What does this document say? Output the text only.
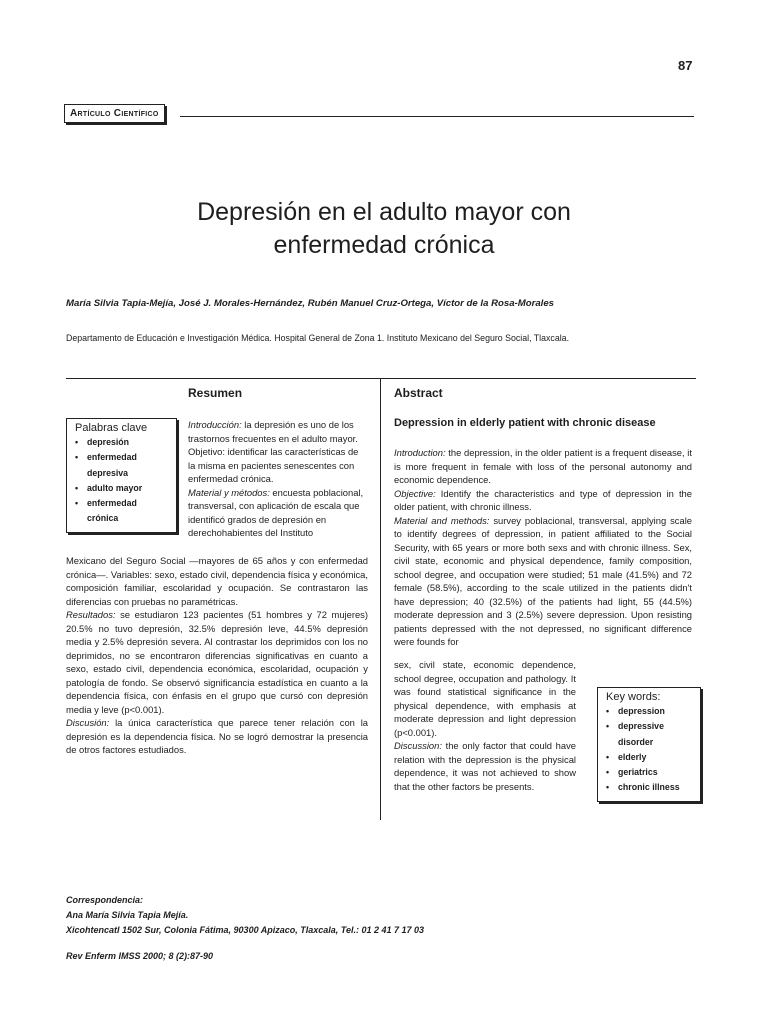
87
Artículo Científico
Depresión en el adulto mayor con
enfermedad crónica
María Silvia Tapia-Mejía, José J. Morales-Hernández, Rubén Manuel Cruz-Ortega, Víctor de la Rosa-Morales
Departamento de Educación e Investigación Médica. Hospital General de Zona 1. Instituto Mexicano del Seguro Social, Tlaxcala.
Resumen
Palabras clave
• depresión
• enfermedad depresiva
• adulto mayor
• enfermedad crónica

Introducción: la depresión es uno de los trastornos frecuentes en el adulto mayor.

Objetivo: identificar las características de la misma en pacientes senescentes con enfermedad crónica.

Material y métodos: encuesta poblacional, transversal, con aplicación de escala que identificó grados de depresión en derechohabientes del Instituto

Mexicano del Seguro Social —mayores de 65 años y con enfermedad crónica—. Variables: sexo, estado civil, dependencia física y económica, composición familiar, escolaridad y ocupación. Se contrastaron las diferencias con pruebas no paramétricas.

Resultados: se estudiaron 123 pacientes (51 hombres y 72 mujeres) 20.5% no tuvo depresión, 32.5% depresión leve, 44.5% depresión media y 2.5% depresión severa. Al contrastar los deprimidos con los no deprimidos, no se encontraron diferencias significativas en cuanto a sexo, estado civil, dependencia económica, escolaridad, ocupación y patología de fondo. Se observó significancia estadística en cuanto a la dependencia física, con énfasis en el grupo que cursó con depresión media y leve (p<0.001).

Discusión: la única característica que parece tener relación con la depresión es la dependencia física. No se logró demostrar la presencia de otros factores estudiados.

Abstract
Depression in elderly patient with chronic disease

Introduction: the depression, in the older patient is a frequent disease, it is more frequent in female with loss of the personal autonomy and economic dependence.

Objective: Identify the characteristics and type of depression in the older patient, with chronic illness.

Material and methods: survey poblacional, transversal, applying scale to identify degrees of depression, in patient affiliated to the Social Security, with 65 years or more both sexs and with chronic illness. Sex, civil state, economic and physical dependence, family composition, school degree, and occupation were studied; 51 male (41.5%) and 72 female (58.5%), according to the scale utilized in the patients didn't have depression; 40 (32.5%) of the patients had light, 55 (44.5%) moderate depression and 3 (2.5%) severe depression. Upon resisting patients depressed with the not depressed, no significant difference were founds for

sex, civil state, economic dependence, school degree, occupation and pathology. It was found statistical significance in the physical dependence, with emphasis at moderate depression and light depression (p<0.001).

Discussion: the only factor that could have relation with the depression is the physical dependence, it was not achieved to show that the other factors be presents.

Key words:
• depression
• depressive disorder
• elderly
• geriatrics
• chronic illness
Correspondencia:
Ana María Silvia Tapia Mejía.
Xicohtencatl 1502 Sur, Colonia Fátima, 90300 Apizaco, Tlaxcala, Tel.: 01 2 41 7 17 03
Rev Enferm IMSS 2000; 8 (2):87-90
